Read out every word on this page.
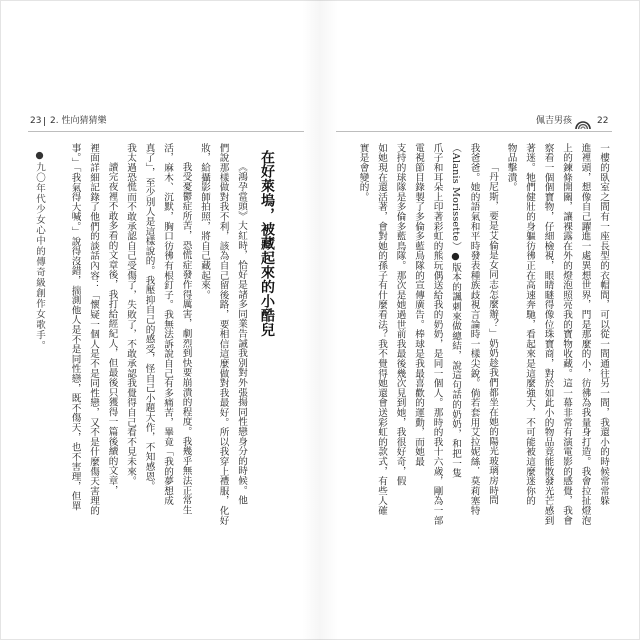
23 2. 性向猜猜樂	佩吉男孩	22
●九〇年代少女心中的傳奇級創作女歌手。	在好萊塢，被藏起來的小酷兒
《鴻孕當頭》大紅時，恰好是諸多同業告誡我別對外張揚同性戀身分的時候。他
們說那樣做對我不利，該為自己留後路，要相信這麼做對我最好。所以我穿上禮服，化好
妝，給攝影師拍照，將自己藏起來。
我受憂鬱症所苦，恐慌症發作得厲害，劇烈到快要崩潰的程度。我幾乎無法正常生
活，麻木、沉默，胸口彷彿有根釘子。我無法訴說自己有多痛苦，畢竟「我的夢想成
真了」，至少別人是這樣說的。我壓抑自己的感受，怪自己小題大作，不知感恩。
我太過恐慌而不敢承認自己受傷了，失敗了，不敢承認我覺得自己看不見未來。
讀完夜裡不敢多看的文章後，我打給經紀人，但最後只獲得一篇後續的文章，
裡面詳細記錄了他們的談話內容：「懷疑一個人是不是同性戀，又不是什麼傷天害理的
事。」「我氣得大喊。」說得沒錯，揣測他人是不是同性戀，既不傷天，也不害理，但單	一樓的臥室之間有一座長型的衣帽間，可以從一間通往另一間，我還小的時候常常躲
進裡頭，想像自己躍進一處異想世界，門是那麼的小，彷彿為我量身打造。我會拉扯燈泡
上的鍊條開關，讓裸露在外的燈泡照亮我的寶物收藏。這一幕非常有演電影的感覺，我會
察看一個個寶物，仔細檢視，眼睛瞇得像位珠寶商，對於如此小的物品竟能散發光芒感到
著迷。牠們健壯的身軀彷彿正在高速奔馳，看起來是這麼強大，不可能被這麼迷你的
物品擊潰。
「丹尼斯，要是艾倫是女同志怎麼辦？」奶奶趁我們都坐在她的陽光玻璃房時問
我爸爸。她的語氣和平時發表種族歧視言論時一樣尖銳。倘若套用艾拉妮絲．莫莉塞特
（Alanis Morissette）●版本的諷刺來做總結，說這句話的奶奶，和把一隻
爪子和耳朵上印著彩虹的熊玩偶送給我的奶奶，是同一個人。那時的我十六歲，剛為一部
電視節目錄製了多倫多藍鳥隊的宣傳廣告。棒球是我最喜歡的運動，而她最
支持的球隊是多倫多藍鳥隊。那次是她過世前我最後幾次見到她，我很好奇，假
如她現在還活著，會對她的孫子有什麼看法？我不覺得她還會送彩虹的款式，有些人確
實是會變的。
